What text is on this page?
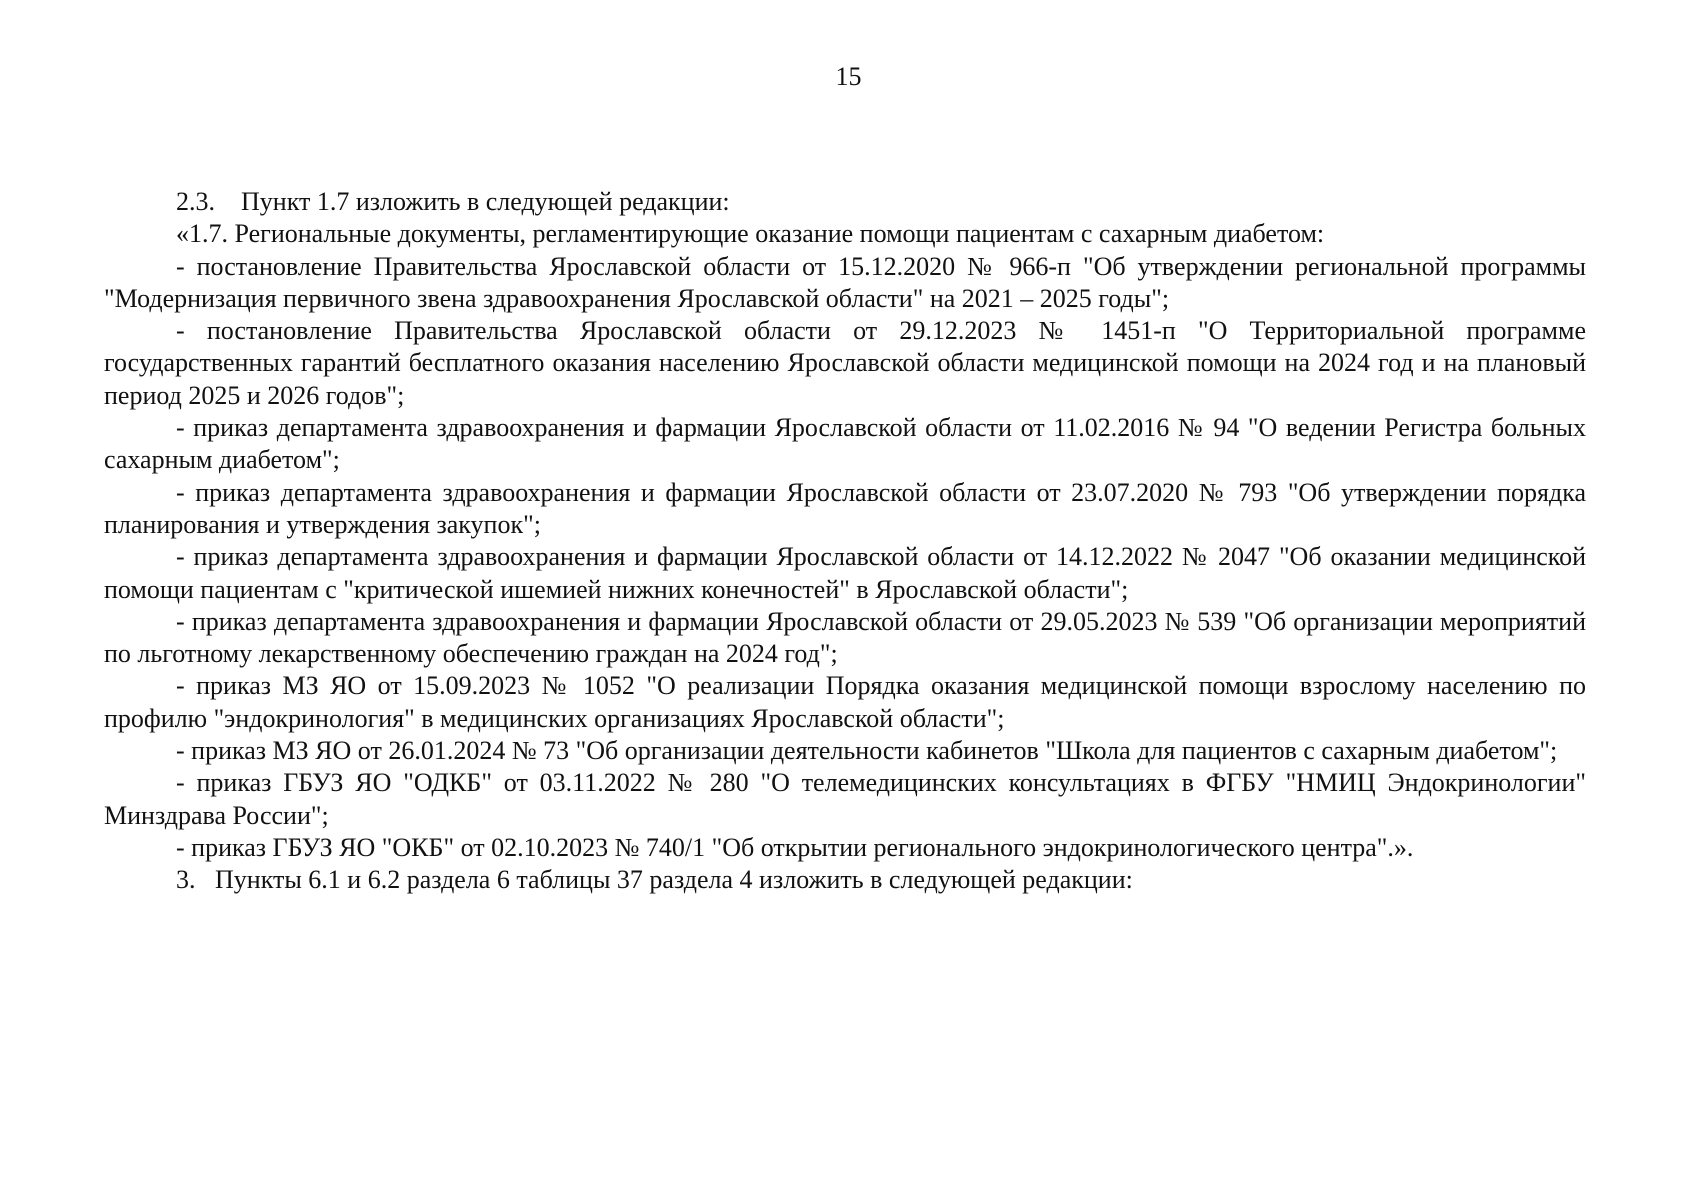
15

2.3.    Пункт 1.7 изложить в следующей редакции:

«1.7. Региональные документы, регламентирующие оказание помощи пациентам с сахарным диабетом:

- постановление Правительства Ярославской области от 15.12.2020 № 966-п "Об утверждении региональной программы "Модернизация первичного звена здравоохранения Ярославской области" на 2021 – 2025 годы";

- постановление Правительства Ярославской области от 29.12.2023 № 1451-п "О Территориальной программе государственных гарантий бесплатного оказания населению Ярославской области медицинской помощи на 2024 год и на плановый период 2025 и 2026 годов";

- приказ департамента здравоохранения и фармации Ярославской области от 11.02.2016 № 94 "О ведении Регистра больных сахарным диабетом";

- приказ департамента здравоохранения и фармации Ярославской области от 23.07.2020 № 793 "Об утверждении порядка планирования и утверждения закупок";

- приказ департамента здравоохранения и фармации Ярославской области от 14.12.2022 № 2047 "Об оказании медицинской помощи пациентам с "критической ишемией нижних конечностей" в Ярославской области";

- приказ департамента здравоохранения и фармации Ярославской области от 29.05.2023 № 539 "Об организации мероприятий по льготному лекарственному обеспечению граждан на 2024 год";

- приказ МЗ ЯО от 15.09.2023 № 1052 "О реализации Порядка оказания медицинской помощи взрослому населению по профилю "эндокринология" в медицинских организациях Ярославской области";

- приказ МЗ ЯО от 26.01.2024 № 73 "Об организации деятельности кабинетов "Школа для пациентов с сахарным диабетом";

- приказ ГБУЗ ЯО "ОДКБ" от 03.11.2022 № 280 "О телемедицинских консультациях в ФГБУ "НМИЦ Эндокринологии" Минздрава России";

- приказ ГБУЗ ЯО "ОКБ" от 02.10.2023 № 740/1 "Об открытии регионального эндокринологического центра".».

3.   Пункты 6.1 и 6.2 раздела 6 таблицы 37 раздела 4 изложить в следующей редакции:
